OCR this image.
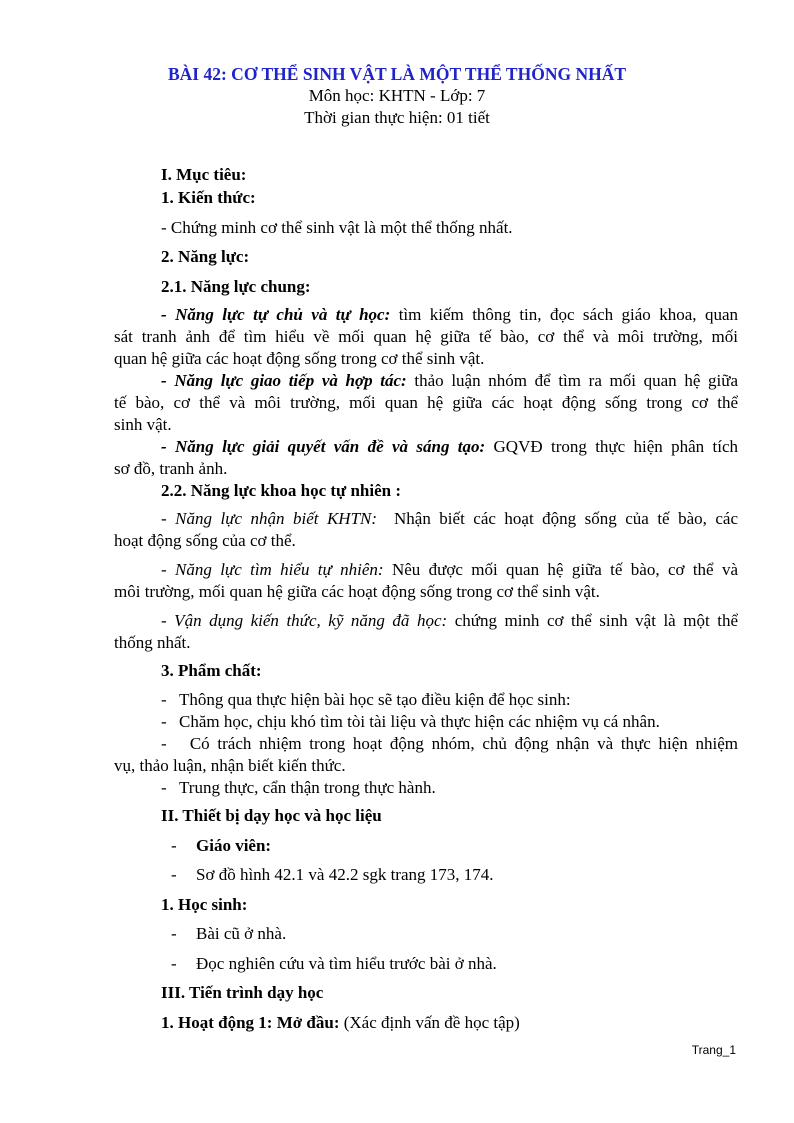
BÀI 42: CƠ THỂ SINH VẬT LÀ MỘT THỂ THỐNG NHẤT
Môn học: KHTN - Lớp: 7
Thời gian thực hiện: 01 tiết
I. Mục tiêu:
1. Kiến thức:
- Chứng minh cơ thể sinh vật là một thể thống nhất.
2. Năng lực:
2.1. Năng lực chung:
- Năng lực tự chủ và tự học: tìm kiếm thông tin, đọc sách giáo khoa, quan
sát tranh ảnh để tìm hiểu về mối quan hệ giữa tế bào, cơ thể và môi trường, mối
quan hệ giữa các hoạt động sống trong cơ thể sinh vật.
- Năng lực giao tiếp và hợp tác: thảo luận nhóm để tìm ra mối quan hệ giữa
tế bào, cơ thể và môi trường, mối quan hệ giữa các hoạt động sống trong cơ thể
sinh vật.
- Năng lực giải quyết vấn đề và sáng tạo: GQVĐ trong thực hiện phân tích
sơ đồ, tranh ảnh.
2.2. Năng lực khoa học tự nhiên :
- Năng lực nhận biết KHTN: Nhận biết các hoạt động sống của tế bào, các
hoạt động sống của cơ thể.
- Năng lực tìm hiểu tự nhiên: Nêu được mối quan hệ giữa tế bào, cơ thể và
môi trường, mối quan hệ giữa các hoạt động sống trong cơ thể sinh vật.
- Vận dụng kiến thức, kỹ năng đã học: chứng minh cơ thể sinh vật là một thể
thống nhất.
3. Phẩm chất:
- Thông qua thực hiện bài học sẽ tạo điều kiện để học sinh:
- Chăm học, chịu khó tìm tòi tài liệu và thực hiện các nhiệm vụ cá nhân.
- Có trách nhiệm trong hoạt động nhóm, chủ động nhận và thực hiện nhiệm
vụ, thảo luận, nhận biết kiến thức.
- Trung thực, cẩn thận trong thực hành.
II. Thiết bị dạy học và học liệu
- Giáo viên:
- Sơ đồ hình 42.1 và 42.2 sgk trang 173, 174.
1. Học sinh:
- Bài cũ ở nhà.
- Đọc nghiên cứu và tìm hiểu trước bài ở nhà.
III. Tiến trình dạy học
1. Hoạt động 1: Mở đầu: (Xác định vấn đề học tập)
Trang_1
